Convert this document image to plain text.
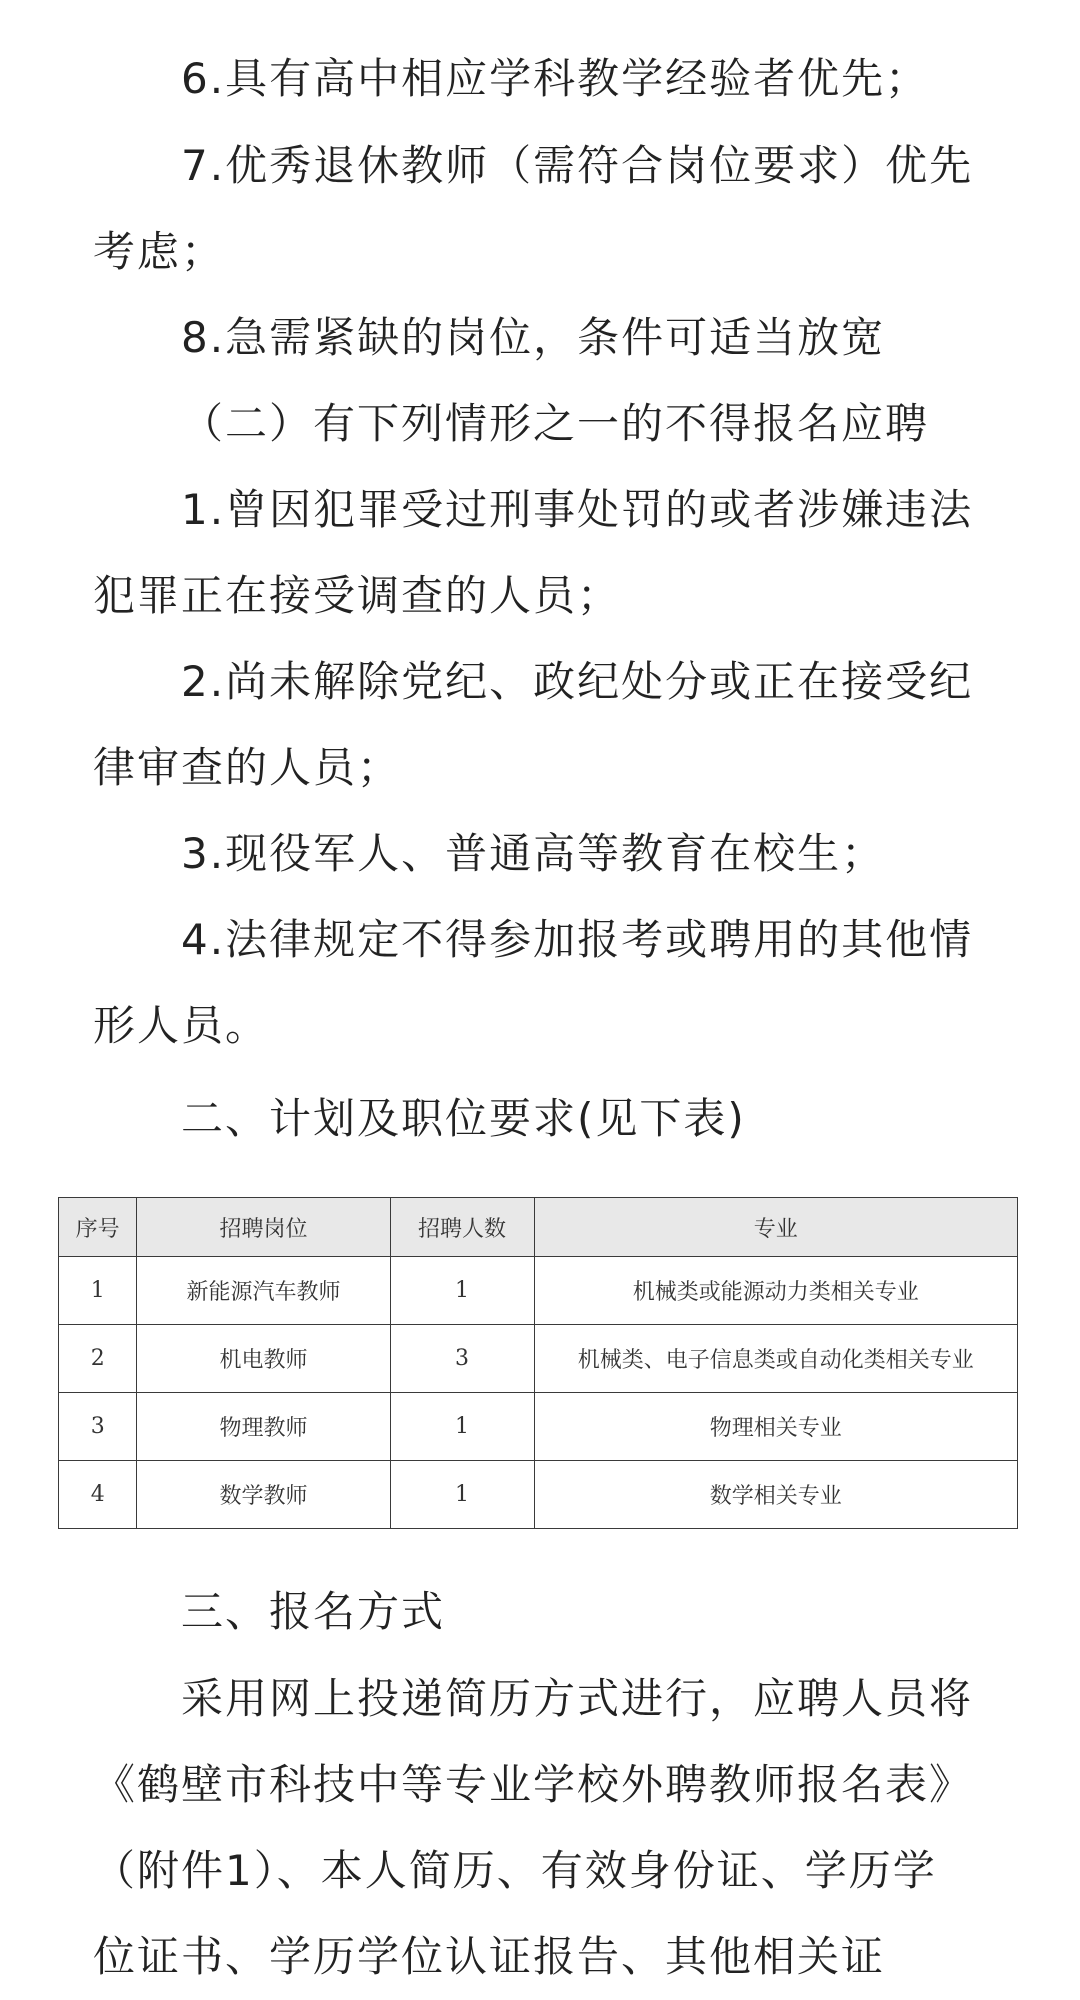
6.具有高中相应学科教学经验者优先；

7.优秀退休教师（需符合岗位要求）优先

考虑；

8.急需紧缺的岗位，条件可适当放宽

（二）有下列情形之一的不得报名应聘

1.曾因犯罪受过刑事处罚的或者涉嫌违法

犯罪正在接受调查的人员；

2.尚未解除党纪、政纪处分或正在接受纪

律审查的人员；

3.现役军人、普通高等教育在校生；

4.法律规定不得参加报考或聘用的其他情

形人员。

二、计划及职位要求(见下表)

序号	招聘岗位	招聘人数	专业
1	新能源汽车教师	1	机械类或能源动力类相关专业
2	机电教师	3	机械类、电子信息类或自动化类相关专业
3	物理教师	1	物理相关专业
4	数学教师	1	数学相关专业

三、报名方式

采用网上投递简历方式进行，应聘人员将

《鹤壁市科技中等专业学校外聘教师报名表》

（附件1）、本人简历、有效身份证、学历学

位证书、学历学位认证报告、其他相关证
